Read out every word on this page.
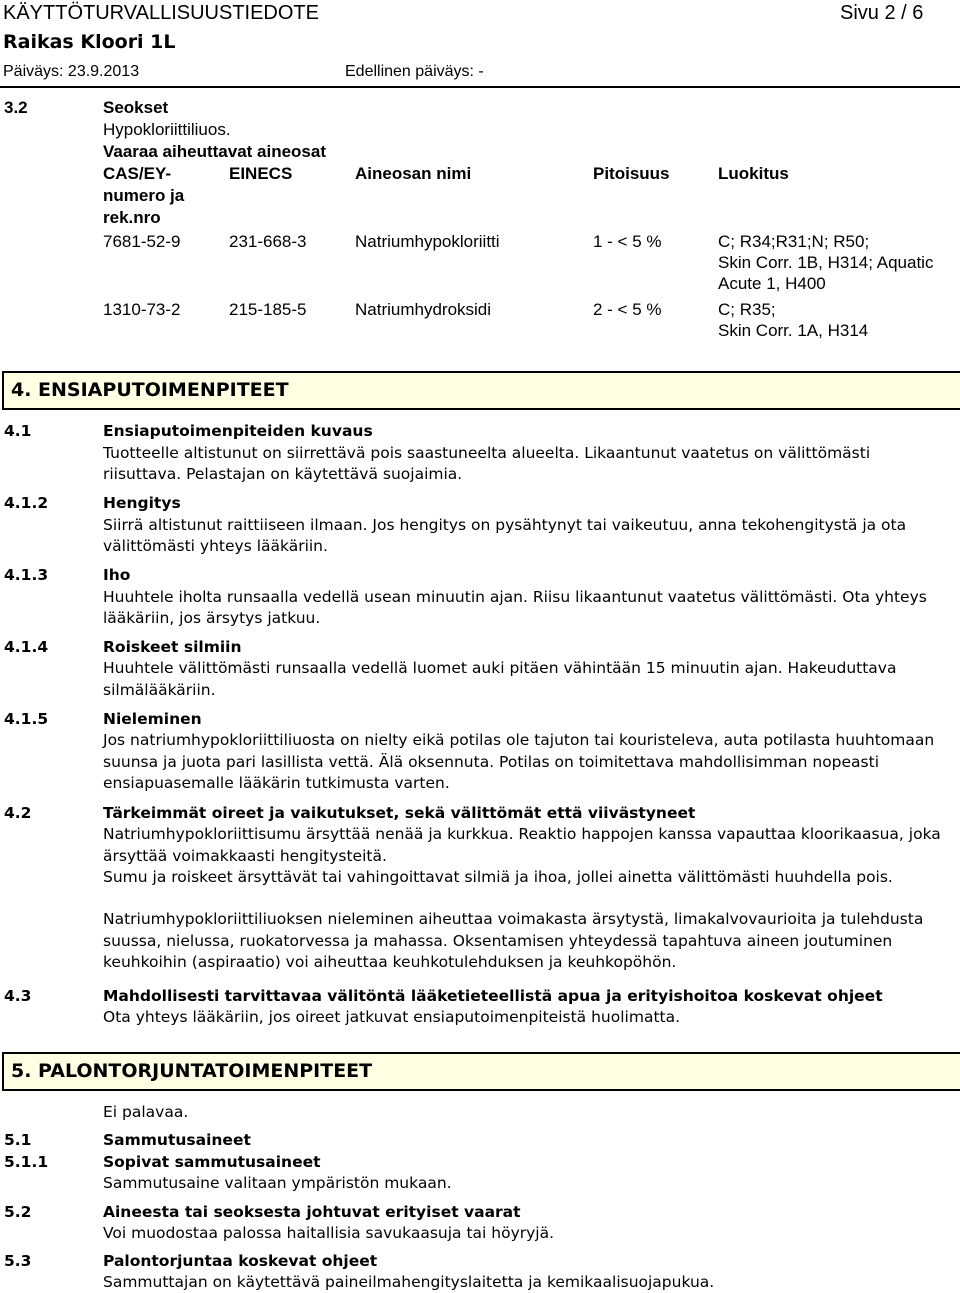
KÄYTTÖTURVALLISUUSTIEDOTE	Sivu 2 / 6
Raikas Kloori 1L
Päiväys: 23.9.2013	Edellinen päiväys: -
3.2	Seokset
Hypokloriittiliuos.
Vaaraa aiheuttavat aineosat
CAS/EY-
numero ja
rek.nro
EINECS	Aineosan nimi	Pitoisuus	Luokitus
7681-52-9	231-668-3	Natriumhypokloriitti	1 - < 5 %	C; R34;R31;N; R50;
Skin Corr. 1B, H314; Aquatic
Acute 1, H400
1310-73-2	215-185-5	Natriumhydroksidi	2 - < 5 %	C; R35;
Skin Corr. 1A, H314
4. ENSIAPUTOIMENPITEET
4.1	Ensiaputoimenpiteiden kuvaus
Tuotteelle altistunut on siirrettävä pois saastuneelta alueelta. Likaantunut vaatetus on välittömästi
riisuttava. Pelastajan on käytettävä suojaimia.
4.1.2	Hengitys
Siirrä altistunut raittiiseen ilmaan. Jos hengitys on pysähtynyt tai vaikeutuu, anna tekohengitystä ja ota
välittömästi yhteys lääkäriin.
4.1.3	Iho
Huuhtele iholta runsaalla vedellä usean minuutin ajan. Riisu likaantunut vaatetus välittömästi. Ota yhteys
lääkäriin, jos ärsytys jatkuu.
4.1.4	Roiskeet silmiin
Huuhtele välittömästi runsaalla vedellä luomet auki pitäen vähintään 15 minuutin ajan. Hakeuduttava
silmälääkäriin.
4.1.5	Nieleminen
Jos natriumhypokloriittiliuosta on nielty eikä potilas ole tajuton tai kouristeleva, auta potilasta huuhtomaan
suunsa ja juota pari lasillista vettä. Älä oksennuta. Potilas on toimitettava mahdollisimman nopeasti
ensiapuasemalle lääkärin tutkimusta varten.
4.2	Tärkeimmät oireet ja vaikutukset, sekä välittömät että viivästyneet
Natriumhypokloriittisumu ärsyttää nenää ja kurkkua. Reaktio happojen kanssa vapauttaa kloorikaasua, joka
ärsyttää voimakkaasti hengitysteitä.
Sumu ja roiskeet ärsyttävät tai vahingoittavat silmiä ja ihoa, jollei ainetta välittömästi huuhdella pois.
Natriumhypokloriittiliuoksen nieleminen aiheuttaa voimakasta ärsytystä, limakalvovaurioita ja tulehdusta
suussa, nielussa, ruokatorvessa ja mahassa. Oksentamisen yhteydessä tapahtuva aineen joutuminen
keuhkoihin (aspiraatio) voi aiheuttaa keuhkotulehduksen ja keuhkopöhön.
4.3	Mahdollisesti tarvittavaa välitöntä lääketieteellistä apua ja erityishoitoa koskevat ohjeet
Ota yhteys lääkäriin, jos oireet jatkuvat ensiaputoimenpiteistä huolimatta.
5. PALONTORJUNTATOIMENPITEET
Ei palavaa.
5.1	Sammutusaineet
5.1.1	Sopivat sammutusaineet
Sammutusaine valitaan ympäristön mukaan.
5.2	Aineesta tai seoksesta johtuvat erityiset vaarat
Voi muodostaa palossa haitallisia savukaasuja tai höyryjä.
5.3	Palontorjuntaa koskevat ohjeet
Sammuttajan on käytettävä paineilmahengityslaitetta ja kemikaalisuojapukua.
